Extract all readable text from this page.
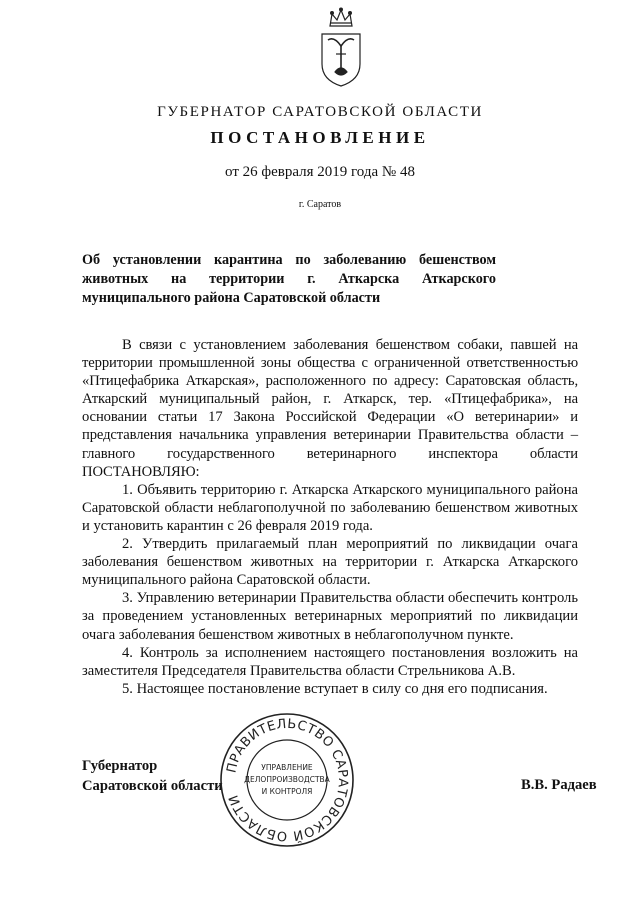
ГУБЕРНАТОР САРАТОВСКОЙ ОБЛАСТИ
ПОСТАНОВЛЕНИЕ
от 26 февраля 2019 года № 48
г. Саратов
Об установлении карантина по заболеванию бешенством
животных на территории г. Аткарска Аткарского
муниципального района Саратовской области

В связи с установлением заболевания бешенством собаки, павшей на территории промышленной зоны общества с ограниченной ответственностью «Птицефабрика Аткарская», расположенного по адресу: Саратовская область, Аткарский муниципальный район, г. Аткарск, тер. «Птицефабрика», на основании статьи 17 Закона Российской Федерации «О ветеринарии» и представления начальника управления ветеринарии Правительства области – главного государственного ветеринарного инспектора области ПОСТАНОВЛЯЮ:

1. Объявить территорию г. Аткарска Аткарского муниципального района Саратовской области неблагополучной по заболеванию бешенством животных и установить карантин с 26 февраля 2019 года.

2. Утвердить прилагаемый план мероприятий по ликвидации очага заболевания бешенством животных на территории г. Аткарска Аткарского муниципального района Саратовской области.

3. Управлению ветеринарии Правительства области обеспечить контроль за проведением установленных ветеринарных мероприятий по ликвидации очага заболевания бешенством животных в неблагополучном пункте.

4. Контроль за исполнением настоящего постановления возложить на заместителя Председателя Правительства области Стрельникова А.В.

5. Настоящее постановление вступает в силу со дня его подписания.

Губернатор
Саратовской области	В.В. Радаев
ПРАВИТЕЛЬСТВО САРАТОВСКОЙ ОБЛАСТИ
УПРАВЛЕНИЕ
ДЕЛОПРОИЗВОДСТВА
И КОНТРОЛЯ
